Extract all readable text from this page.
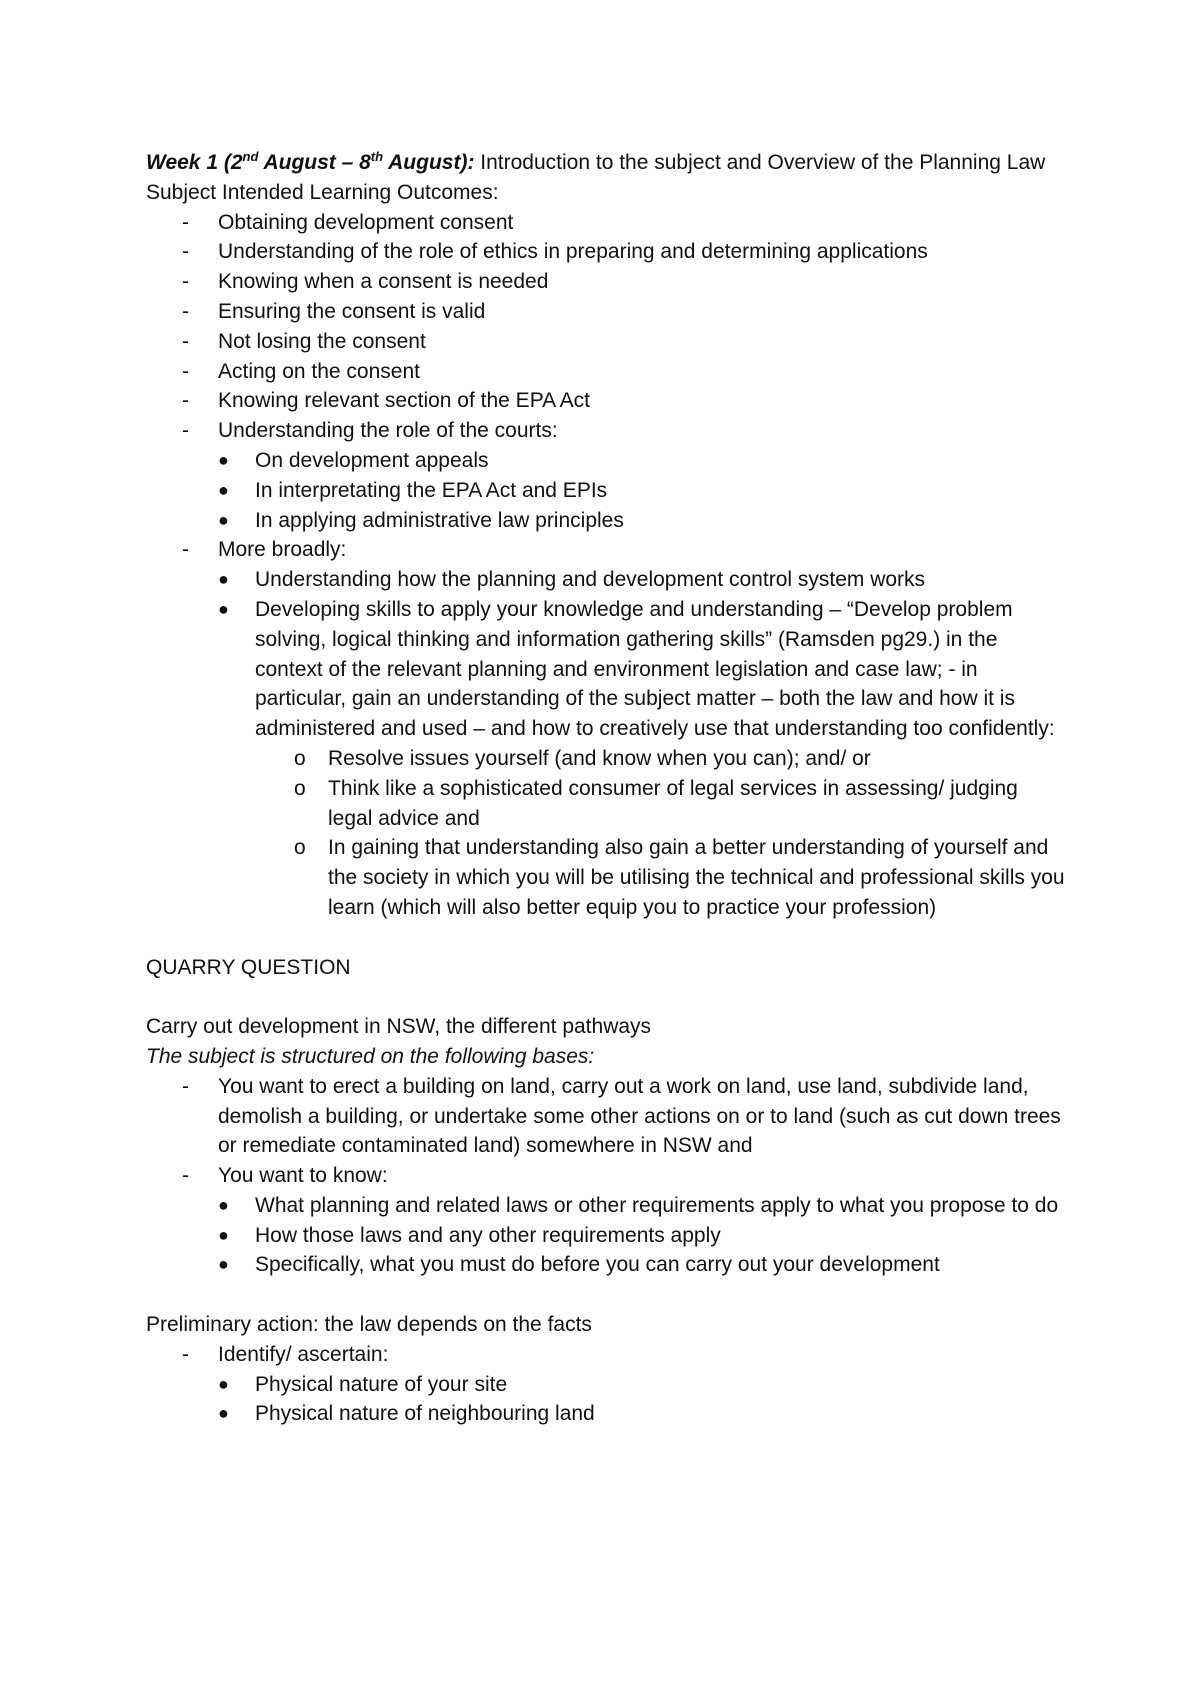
Week 1 (2nd August – 8th August): Introduction to the subject and Overview of the Planning Law

Subject Intended Learning Outcomes:

- Obtaining development consent
- Understanding of the role of ethics in preparing and determining applications
- Knowing when a consent is needed
- Ensuring the consent is valid
- Not losing the consent
- Acting on the consent
- Knowing relevant section of the EPA Act
- Understanding the role of the courts:
● On development appeals
● In interpretating the EPA Act and EPIs
● In applying administrative law principles
- More broadly:
● Understanding how the planning and development control system works
● Developing skills to apply your knowledge and understanding – “Develop problem solving, logical thinking and information gathering skills” (Ramsden pg29.) in the context of the relevant planning and environment legislation and case law; - in particular, gain an understanding of the subject matter – both the law and how it is administered and used – and how to creatively use that understanding too confidently:
o Resolve issues yourself (and know when you can); and/ or
o Think like a sophisticated consumer of legal services in assessing/ judging legal advice and
o In gaining that understanding also gain a better understanding of yourself and the society in which you will be utilising the technical and professional skills you learn (which will also better equip you to practice your profession)

QUARRY QUESTION

Carry out development in NSW, the different pathways

The subject is structured on the following bases:

- You want to erect a building on land, carry out a work on land, use land, subdivide land, demolish a building, or undertake some other actions on or to land (such as cut down trees or remediate contaminated land) somewhere in NSW and
- You want to know:
● What planning and related laws or other requirements apply to what you propose to do
● How those laws and any other requirements apply
● Specifically, what you must do before you can carry out your development

Preliminary action: the law depends on the facts

- Identify/ ascertain:
● Physical nature of your site
● Physical nature of neighbouring land
